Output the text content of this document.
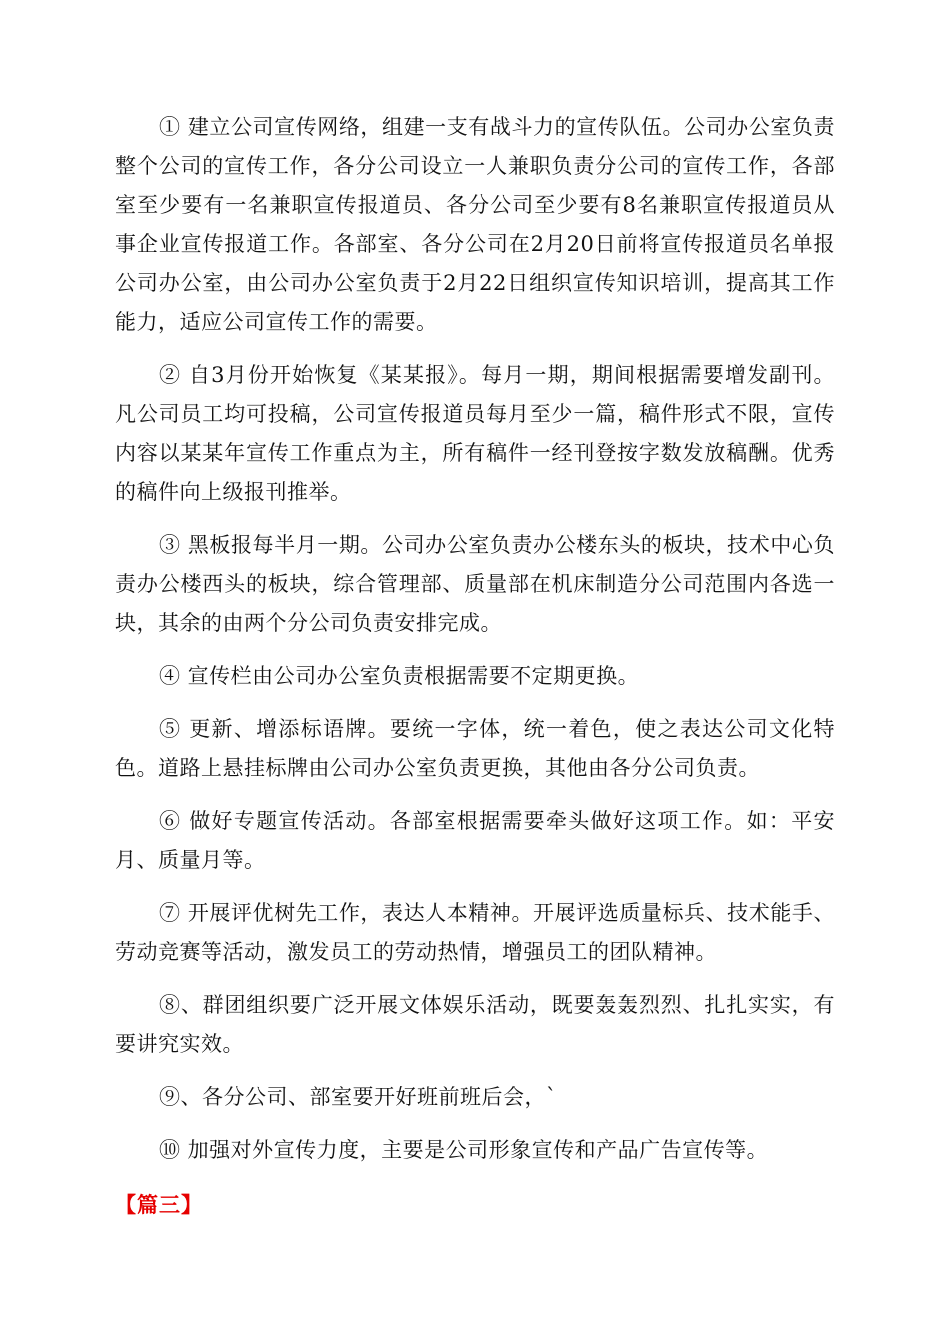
① 建立公司宣传网络，组建一支有战斗力的宣传队伍。公司办公室负责整个公司的宣传工作，各分公司设立一人兼职负责分公司的宣传工作，各部室至少要有一名兼职宣传报道员、各分公司至少要有8名兼职宣传报道员从事企业宣传报道工作。各部室、各分公司在2月20日前将宣传报道员名单报公司办公室，由公司办公室负责于2月22日组织宣传知识培训，提高其工作能力，适应公司宣传工作的需要。

② 自3月份开始恢复《某某报》。每月一期，期间根据需要增发副刊。凡公司员工均可投稿，公司宣传报道员每月至少一篇，稿件形式不限，宣传内容以某某年宣传工作重点为主，所有稿件一经刊登按字数发放稿酬。优秀的稿件向上级报刊推举。

③ 黑板报每半月一期。公司办公室负责办公楼东头的板块，技术中心负责办公楼西头的板块，综合管理部、质量部在机床制造分公司范围内各选一块，其余的由两个分公司负责安排完成。

④ 宣传栏由公司办公室负责根据需要不定期更换。

⑤ 更新、增添标语牌。要统一字体，统一着色，使之表达公司文化特色。道路上悬挂标牌由公司办公室负责更换，其他由各分公司负责。

⑥ 做好专题宣传活动。各部室根据需要牵头做好这项工作。如：平安月、质量月等。

⑦ 开展评优树先工作，表达人本精神。开展评选质量标兵、技术能手、劳动竞赛等活动，激发员工的劳动热情，增强员工的团队精神。

⑧、群团组织要广泛开展文体娱乐活动，既要轰轰烈烈、扎扎实实，有要讲究实效。

⑨、各分公司、部室要开好班前班后会，`

⑩ 加强对外宣传力度，主要是公司形象宣传和产品广告宣传等。

【篇三】
